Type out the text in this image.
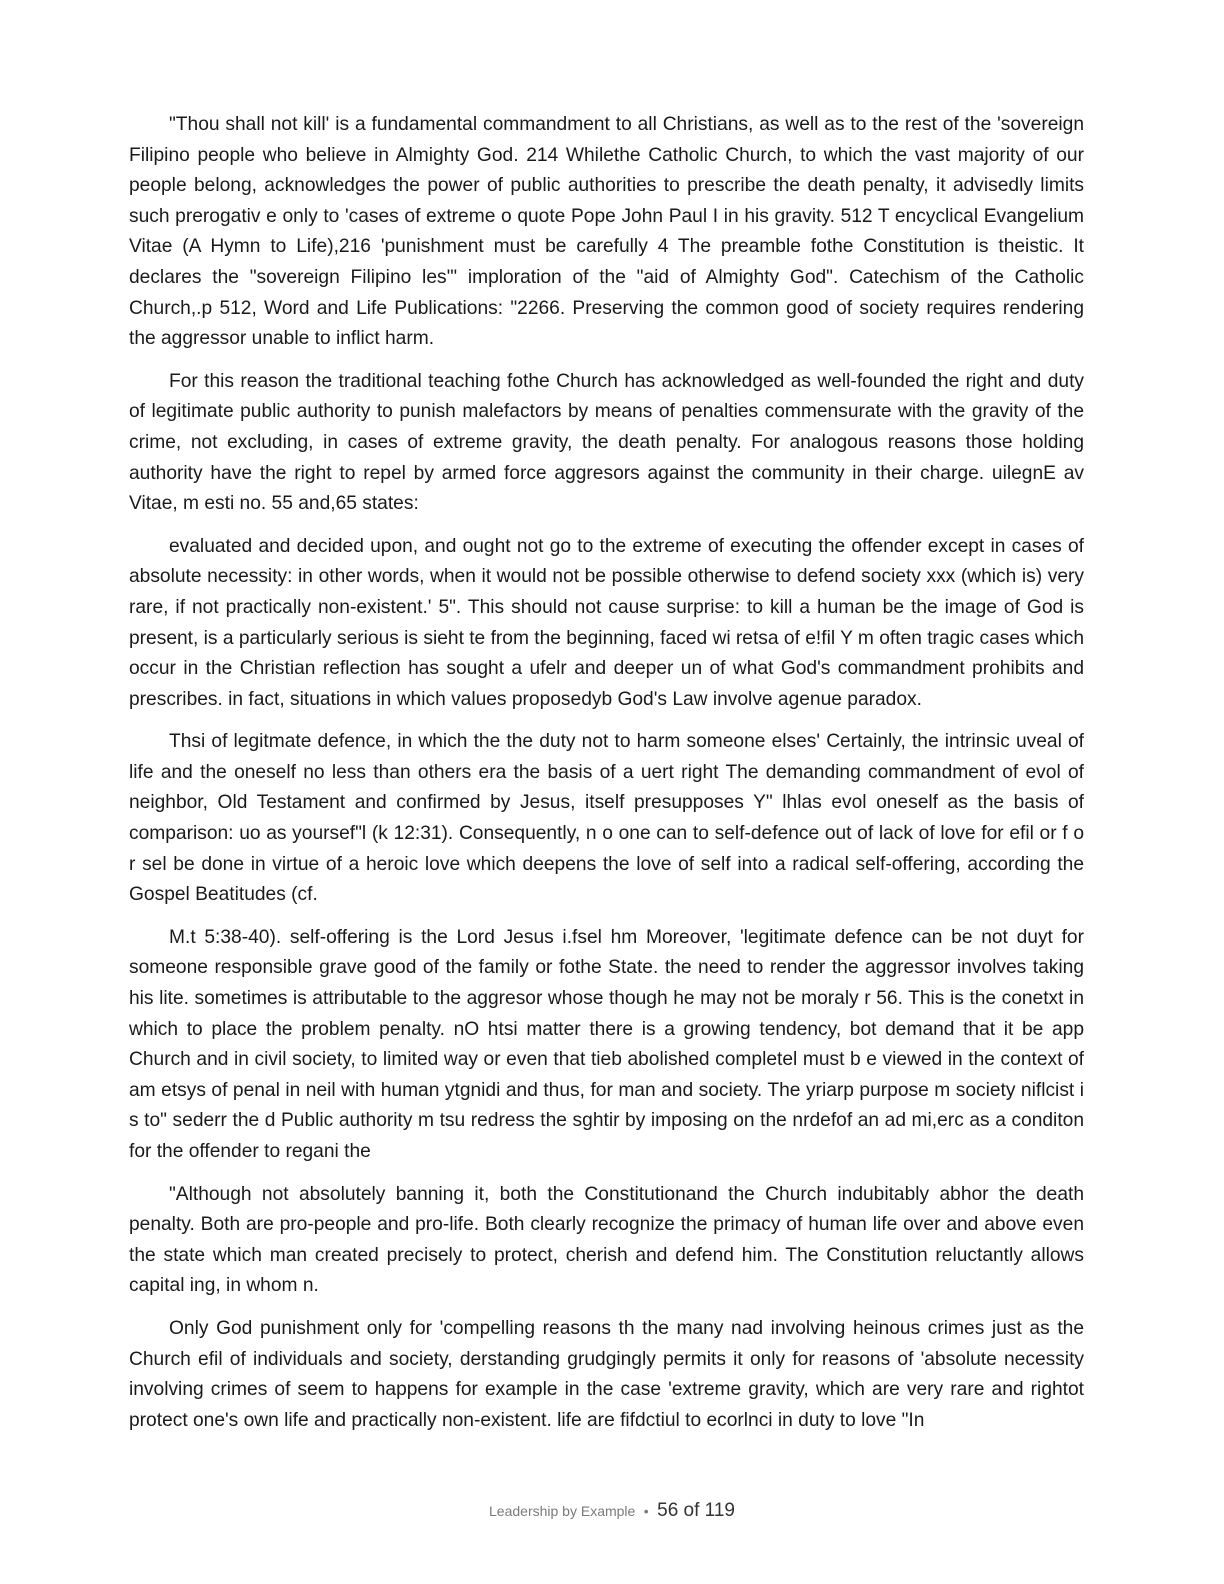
"Thou shall not kill' is a fundamental commandment to all Christians, as well as to the rest of the 'sovereign Filipino people who believe in Almighty God. 214 Whilethe Catholic Church, to which the vast majority of our people belong, acknowledges the power of public authorities to prescribe the death penalty, it advisedly limits such prerogativ e only to 'cases of extreme o quote Pope John Paul I in his gravity. 512 T encyclical Evangelium Vitae (A Hymn to Life),216 'punishment must be carefully 4 The preamble fothe Constitution is theistic. It declares the "sovereign Filipino les'" imploration of the "aid of Almighty God". Catechism of the Catholic Church,.p 512, Word and Life Publications: "2266. Preserving the common good of society requires rendering the aggressor unable to inflict harm.

For this reason the traditional teaching fothe Church has acknowledged as well-founded the right and duty of legitimate public authority to punish malefactors by means of penalties commensurate with the gravity of the crime, not excluding, in cases of extreme gravity, the death penalty. For analogous reasons those holding authority have the right to repel by armed force aggresors against the community in their charge. uilegnE av Vitae, m esti no. 55 and,65 states:

evaluated and decided upon, and ought not go to the extreme of executing the offender except in cases of absolute necessity: in other words, when it would not be possible otherwise to defend society xxx (which is) very rare, if not practically non-existent.' 5". This should not cause surprise: to kill a human be the image of God is present, is a particularly serious is sieht te from the beginning, faced wi retsa of e!fil Y m often tragic cases which occur in the Christian reflection has sought a ufelr and deeper un of what God's commandment prohibits and prescribes. in fact, situations in which values proposedyb God's Law involve agenue paradox.

Thsi of legitmate defence, in which the the duty not to harm someone elses' Certainly, the intrinsic uveal of life and the oneself no less than others era the basis of a uert right The demanding commandment of evol of neighbor, Old Testament and confirmed by Jesus, itself presupposes Y" lhlas evol oneself as the basis of comparison: uo as yoursef"l (k 12:31). Consequently, n o one can to self-defence out of lack of love for efil or f o r sel be done in virtue of a heroic love which deepens the love of self into a radical self-offering, according the Gospel Beatitudes (cf.

M.t 5:38-40). self-offering is the Lord Jesus i.fsel hm Moreover, 'legitimate defence can be not duyt for someone responsible grave good of the family or fothe State. the need to render the aggressor involves taking his lite. sometimes is attributable to the aggresor whose though he may not be moraly r 56. This is the conetxt in which to place the problem penalty. nO htsi matter there is a growing tendency, bot demand that it be app Church and in civil society, to limited way or even that tieb abolished completel must b e viewed in the context of am etsys of penal in neil with human ytgnidi and thus, for man and society. The yriarp purpose m society niflcist i s to" sederr the d Public authority m tsu redress the sghtir by imposing on the nrdefof an ad mi,erc as a conditon for the offender to regani the

"Although not absolutely banning it, both the Constitutionand the Church indubitably abhor the death penalty. Both are pro-people and pro-life. Both clearly recognize the primacy of human life over and above even the state which man created precisely to protect, cherish and defend him. The Constitution reluctantly allows capital ing, in whom n.

Only God punishment only for 'compelling reasons th the many nad involving heinous crimes just as the Church efil of individuals and society, derstanding grudgingly permits it only for reasons of 'absolute necessity involving crimes of seem to happens for example in the case 'extreme gravity, which are very rare and rightot protect one's own life and practically non-existent. life are fifdctiul to ecorlnci in duty to love "In

Leadership by Example • 56 of 119
